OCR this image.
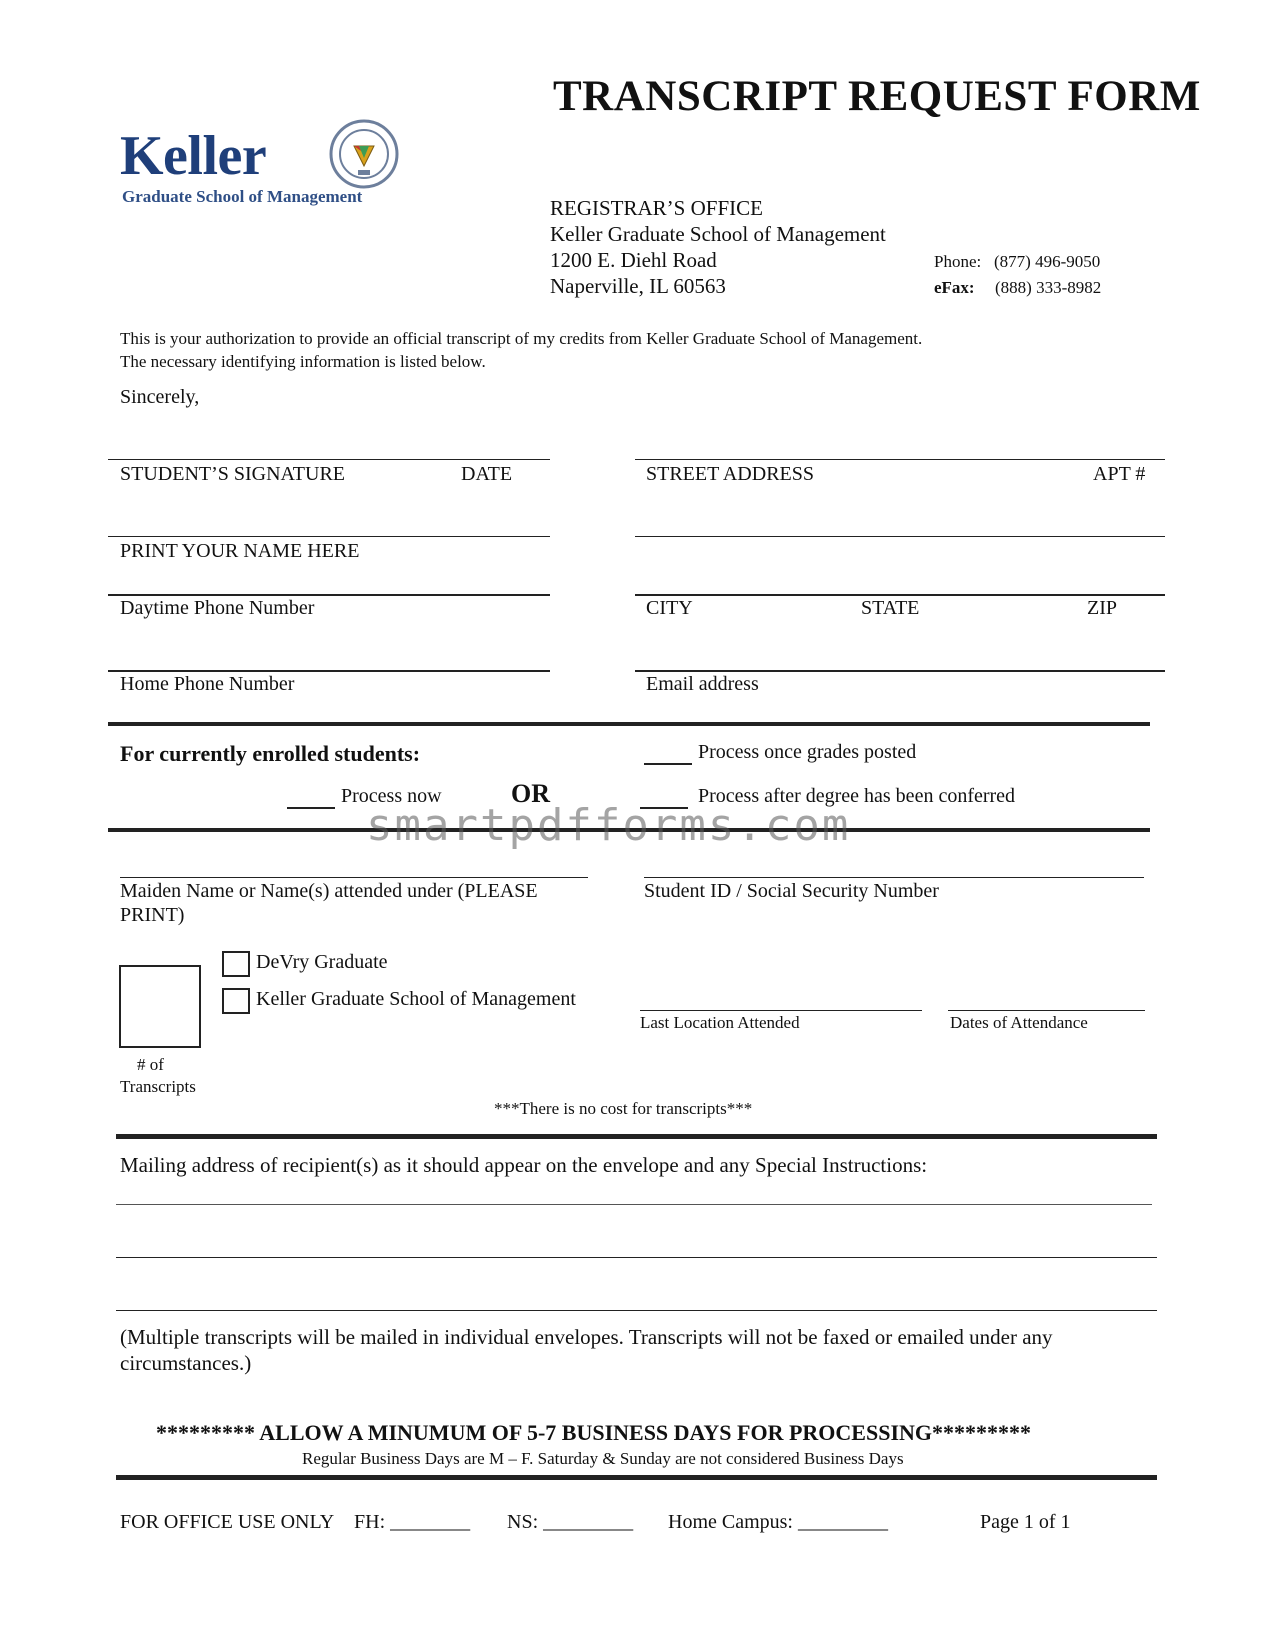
TRANSCRIPT REQUEST FORM
Keller
Graduate School of Management	REGISTRAR’S OFFICE
Keller Graduate School of Management
1200 E. Diehl Road
Naperville, IL 60563
Phone: (877) 496-9050
eFax: (888) 333-8982
This is your authorization to provide an official transcript of my credits from Keller Graduate School of Management.
The necessary identifying information is listed below.
Sincerely,
STUDENT’S SIGNATURE	DATE	STREET ADDRESS	APT #
PRINT YOUR NAME HERE
Daytime Phone Number	CITY	STATE	ZIP
Home Phone Number	Email address
For currently enrolled students:	Process once grades posted
Process now	OR	Process after degree has been conferred
smartpdfforms.com
Maiden Name or Name(s) attended under (PLEASE
PRINT)
Student ID / Social Security Number
# of
Transcripts
DeVry Graduate
Keller Graduate School of Management
Last Location Attended	Dates of Attendance
***There is no cost for transcripts***
Mailing address of recipient(s) as it should appear on the envelope and any Special Instructions:
(Multiple transcripts will be mailed in individual envelopes. Transcripts will not be faxed or emailed under any
circumstances.)
********* ALLOW A MINUMUM OF 5-7 BUSINESS DAYS FOR PROCESSING*********
Regular Business Days are M – F. Saturday & Sunday are not considered Business Days
FOR OFFICE USE ONLY FH: ________ NS: _________ Home Campus: _________	Page 1 of 1
